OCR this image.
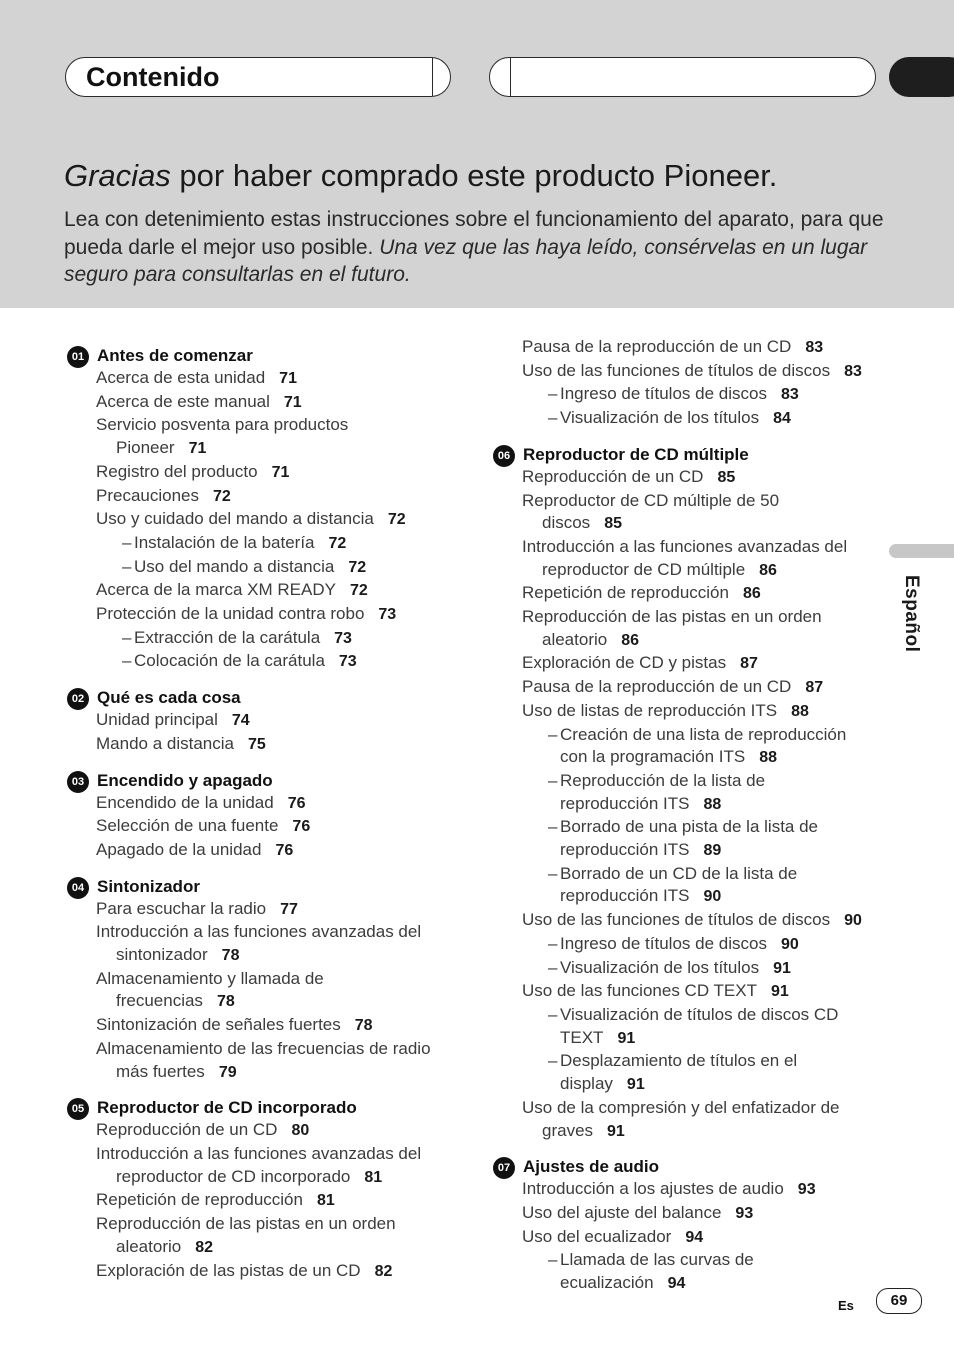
Contenido
Gracias por haber comprado este producto Pioneer.
Lea con detenimiento estas instrucciones sobre el funcionamiento del aparato, para que pueda darle el mejor uso posible. Una vez que las haya leído, consérvelas en un lugar seguro para consultarlas en el futuro.
Español
01 Antes de comenzar
Acerca de esta unidad 71
Acerca de este manual 71
Servicio posventa para productos
Pioneer 71
Registro del producto 71
Precauciones 72
Uso y cuidado del mando a distancia 72
– Instalación de la batería 72
– Uso del mando a distancia 72
Acerca de la marca XM READY 72
Protección de la unidad contra robo 73
– Extracción de la carátula 73
– Colocación de la carátula 73
02 Qué es cada cosa
Unidad principal 74
Mando a distancia 75
03 Encendido y apagado
Encendido de la unidad 76
Selección de una fuente 76
Apagado de la unidad 76
04 Sintonizador
Para escuchar la radio 77
Introducción a las funciones avanzadas del
sintonizador 78
Almacenamiento y llamada de
frecuencias 78
Sintonización de señales fuertes 78
Almacenamiento de las frecuencias de radio
más fuertes 79
05 Reproductor de CD incorporado
Reproducción de un CD 80
Introducción a las funciones avanzadas del
reproductor de CD incorporado 81
Repetición de reproducción 81
Reproducción de las pistas en un orden
aleatorio 82
Exploración de las pistas de un CD 82
Pausa de la reproducción de un CD 83
Uso de las funciones de títulos de discos 83
– Ingreso de títulos de discos 83
– Visualización de los títulos 84
06 Reproductor de CD múltiple
Reproducción de un CD 85
Reproductor de CD múltiple de 50
discos 85
Introducción a las funciones avanzadas del
reproductor de CD múltiple 86
Repetición de reproducción 86
Reproducción de las pistas en un orden
aleatorio 86
Exploración de CD y pistas 87
Pausa de la reproducción de un CD 87
Uso de listas de reproducción ITS 88
– Creación de una lista de reproducción
con la programación ITS 88
– Reproducción de la lista de
reproducción ITS 88
– Borrado de una pista de la lista de
reproducción ITS 89
– Borrado de un CD de la lista de
reproducción ITS 90
Uso de las funciones de títulos de discos 90
– Ingreso de títulos de discos 90
– Visualización de los títulos 91
Uso de las funciones CD TEXT 91
– Visualización de títulos de discos CD
TEXT 91
– Desplazamiento de títulos en el
display 91
Uso de la compresión y del enfatizador de
graves 91
07 Ajustes de audio
Introducción a los ajustes de audio 93
Uso del ajuste del balance 93
Uso del ecualizador 94
– Llamada de las curvas de
ecualización 94
Es	69
